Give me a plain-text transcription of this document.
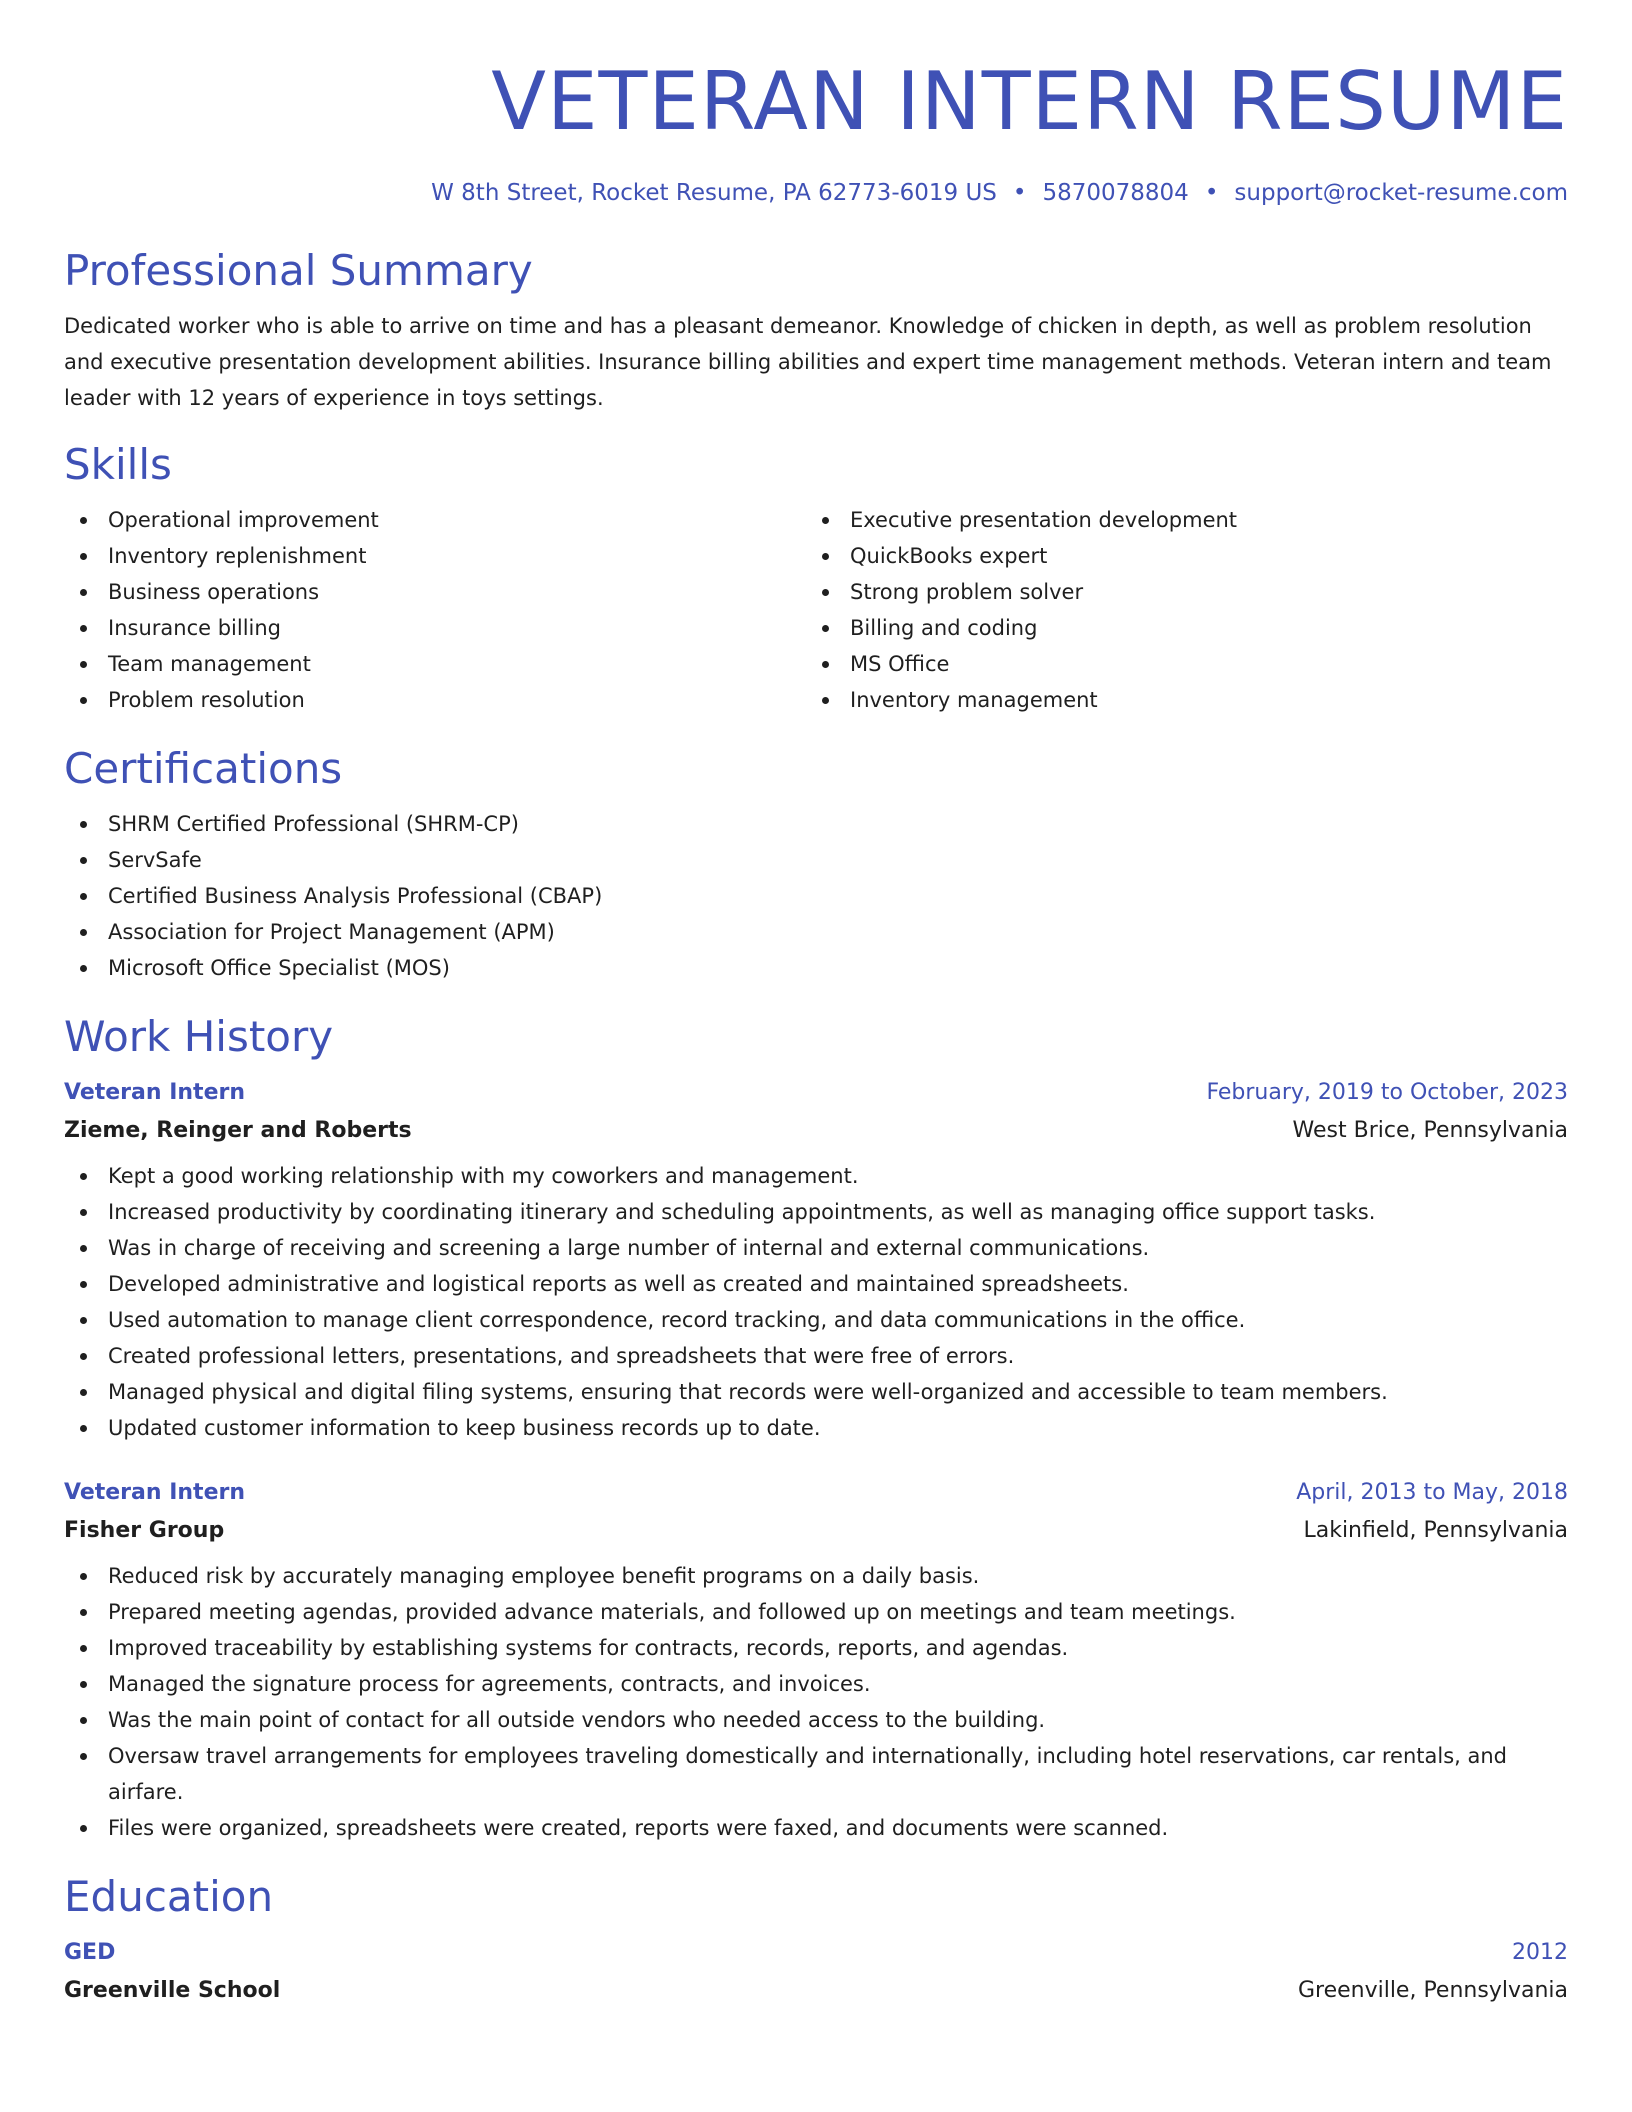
VETERAN INTERN RESUME
W 8th Street, Rocket Resume, PA 62773-6019 US • 5870078804 • support@rocket-resume.com
Professional Summary
Dedicated worker who is able to arrive on time and has a pleasant demeanor. Knowledge of chicken in depth, as well as problem resolution and executive presentation development abilities. Insurance billing abilities and expert time management methods. Veteran intern and team leader with 12 years of experience in toys settings.
Skills
Operational improvement
Inventory replenishment
Business operations
Insurance billing
Team management
Problem resolution
Executive presentation development
QuickBooks expert
Strong problem solver
Billing and coding
MS Office
Inventory management
Certifications
SHRM Certified Professional (SHRM-CP)
ServSafe
Certified Business Analysis Professional (CBAP)
Association for Project Management (APM)
Microsoft Office Specialist (MOS)
Work History
Veteran Intern	February, 2019 to October, 2023
Zieme, Reinger and Roberts	West Brice, Pennsylvania
Kept a good working relationship with my coworkers and management.
Increased productivity by coordinating itinerary and scheduling appointments, as well as managing office support tasks.
Was in charge of receiving and screening a large number of internal and external communications.
Developed administrative and logistical reports as well as created and maintained spreadsheets.
Used automation to manage client correspondence, record tracking, and data communications in the office.
Created professional letters, presentations, and spreadsheets that were free of errors.
Managed physical and digital filing systems, ensuring that records were well-organized and accessible to team members.
Updated customer information to keep business records up to date.
Veteran Intern	April, 2013 to May, 2018
Fisher Group	Lakinfield, Pennsylvania
Reduced risk by accurately managing employee benefit programs on a daily basis.
Prepared meeting agendas, provided advance materials, and followed up on meetings and team meetings.
Improved traceability by establishing systems for contracts, records, reports, and agendas.
Managed the signature process for agreements, contracts, and invoices.
Was the main point of contact for all outside vendors who needed access to the building.
Oversaw travel arrangements for employees traveling domestically and internationally, including hotel reservations, car rentals, and airfare.
Files were organized, spreadsheets were created, reports were faxed, and documents were scanned.
Education
GED	2012
Greenville School	Greenville, Pennsylvania
